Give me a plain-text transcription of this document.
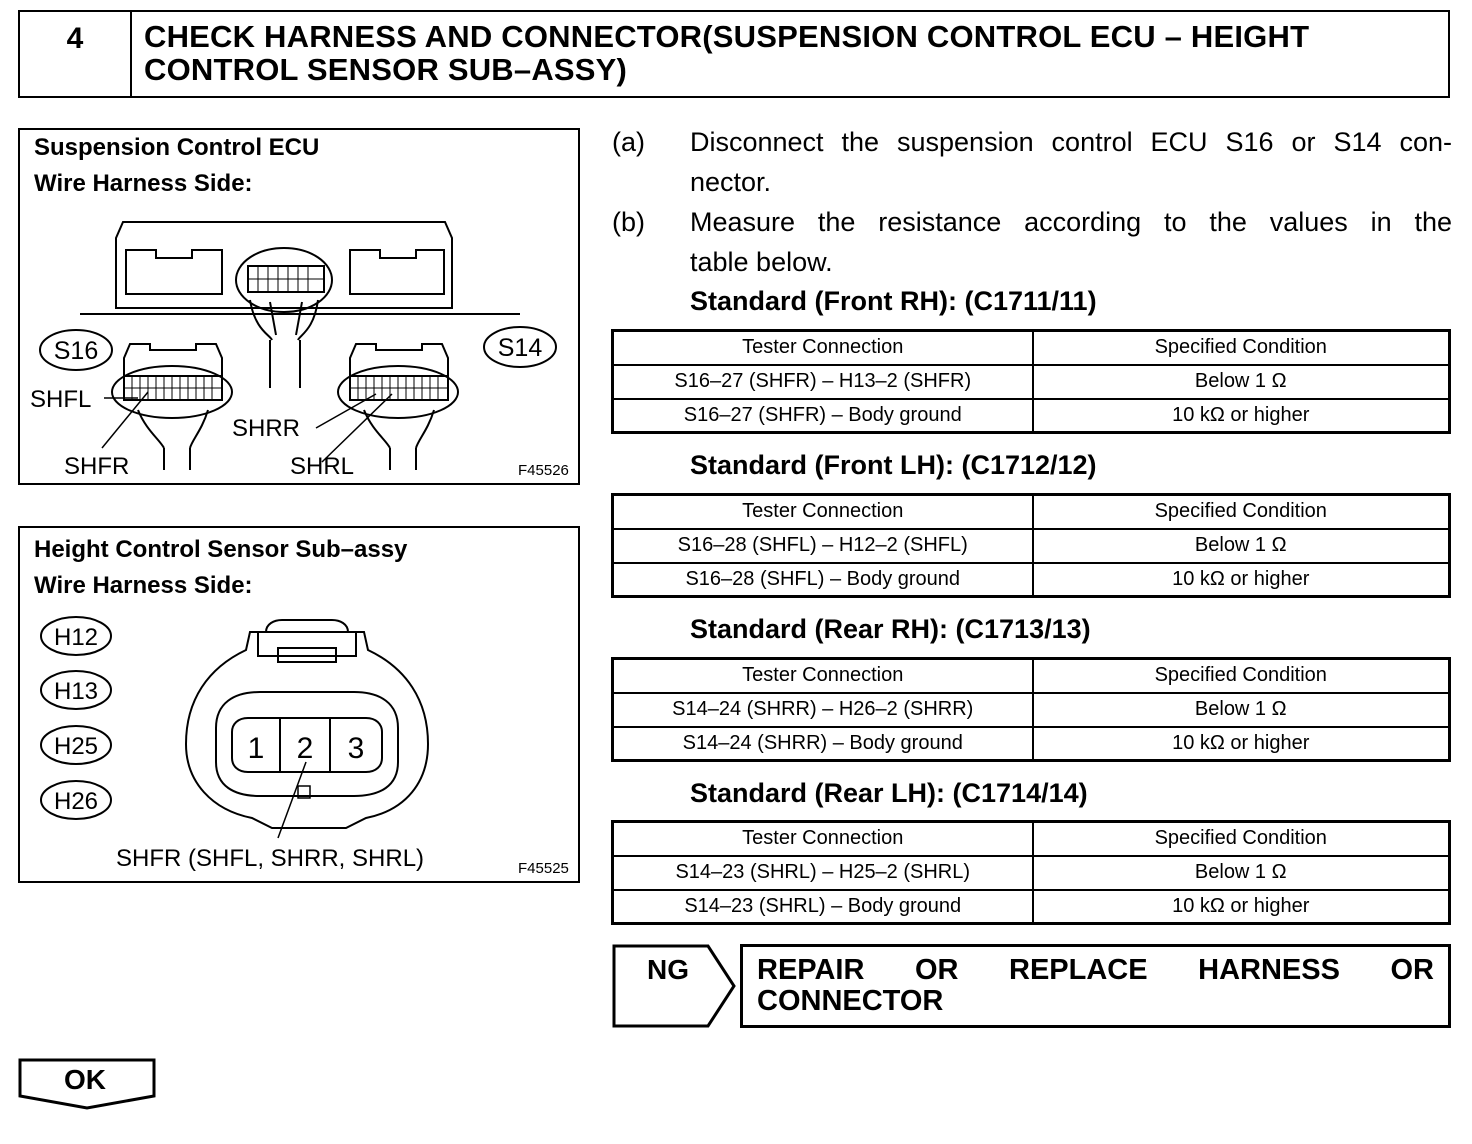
4	CHECK HARNESS AND CONNECTOR(SUSPENSION CONTROL ECU – HEIGHT
CONTROL SENSOR SUB–ASSY)
Suspension Control ECU
Wire Harness Side:
S16	S14
SHFL
SHRR
SHFR	SHRL	F45526
Height Control Sensor Sub–assy
Wire Harness Side:
H12
H13
H25
H26
1 2 3
SHFR (SHFL, SHRR, SHRL)	F45525
(a) Disconnect the suspension control ECU S16 or S14 con-
nector.
(b) Measure the resistance according to the values in the
table below.
Standard (Front RH): (C1711/11)
Tester Connection	Specified Condition
S16–27 (SHFR) – H13–2 (SHFR)	Below 1 Ω
S16–27 (SHFR) – Body ground	10 kΩ or higher
Standard (Front LH): (C1712/12)
Tester Connection	Specified Condition
S16–28 (SHFL) – H12–2 (SHFL)	Below 1 Ω
S16–28 (SHFL) – Body ground	10 kΩ or higher
Standard (Rear RH): (C1713/13)
Tester Connection	Specified Condition
S14–24 (SHRR) – H26–2 (SHRR)	Below 1 Ω
S14–24 (SHRR) – Body ground	10 kΩ or higher
Standard (Rear LH): (C1714/14)
Tester Connection	Specified Condition
S14–23 (SHRL) – H25–2 (SHRL)	Below 1 Ω
S14–23 (SHRL) – Body ground	10 kΩ or higher
NG	REPAIR OR REPLACE HARNESS OR
CONNECTOR
OK
